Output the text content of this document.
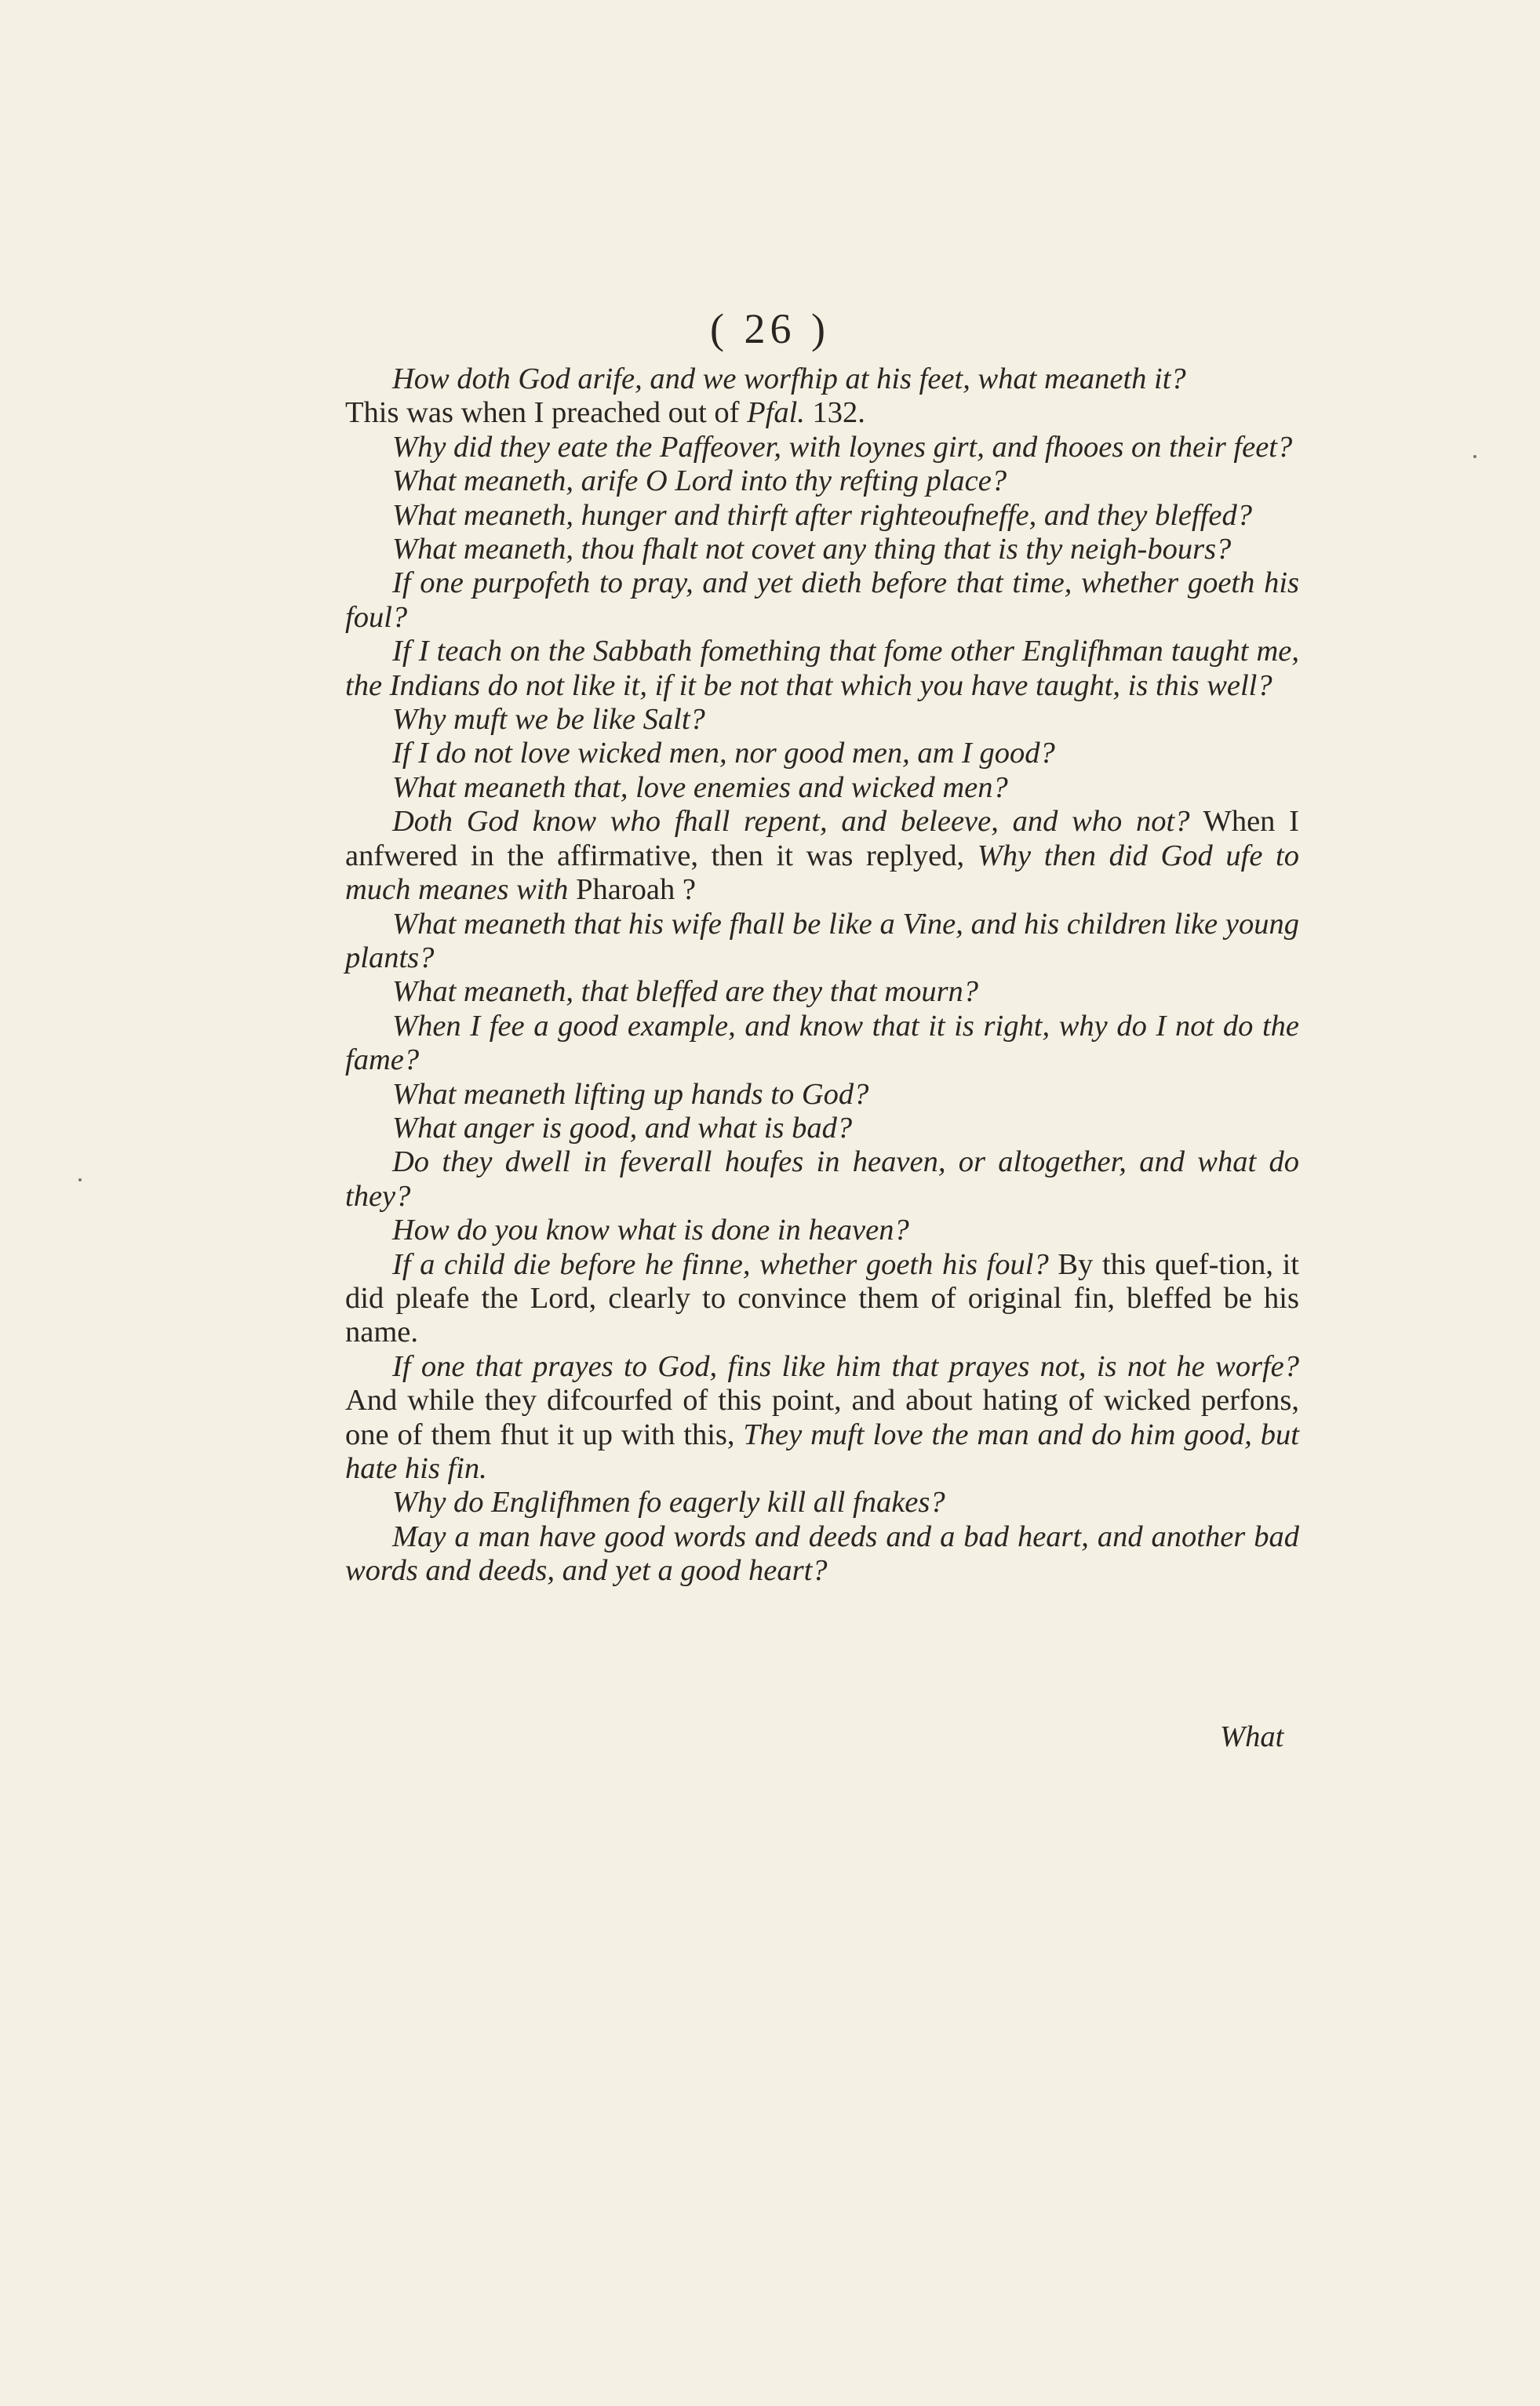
( 26 )

How doth God arife, and we worfhip at his feet, what meaneth it?

This was when I preached out of Pfal. 132.

Why did they eate the Paffeover, with loynes girt, and fhooes on their feet?

What meaneth, arife O Lord into thy refting place?

What meaneth, hunger and thirft after righteoufneffe, and they bleffed?

What meaneth, thou fhalt not covet any thing that is thy neigh-bours?

If one purpofeth to pray, and yet dieth before that time, whether goeth his foul?

If I teach on the Sabbath fomething that fome other Englifhman taught me, the Indians do not like it, if it be not that which you have taught, is this well?

Why muft we be like Salt?

If I do not love wicked men, nor good men, am I good?

What meaneth that, love enemies and wicked men?

Doth God know who fhall repent, and beleeve, and who not? When I anfwered in the affirmative, then it was replyed, Why then did God ufe to much meanes with Pharoah ?

What meaneth that his wife fhall be like a Vine, and his children like young plants?

What meaneth, that bleffed are they that mourn?

When I fee a good example, and know that it is right, why do I not do the fame?

What meaneth lifting up hands to God?

What anger is good, and what is bad?

Do they dwell in feverall houfes in heaven, or altogether, and what do they?

How do you know what is done in heaven?

If a child die before he finne, whether goeth his foul? By this quef-tion, it did pleafe the Lord, clearly to convince them of original fin, bleffed be his name.

If one that prayes to God, fins like him that prayes not, is not he worfe? And while they difcourfed of this point, and about hating of wicked perfons, one of them fhut it up with this, They muft love the man and do him good, but hate his fin.

Why do Englifhmen fo eagerly kill all fnakes?

May a man have good words and deeds and a bad heart, and another bad words and deeds, and yet a good heart?

What
